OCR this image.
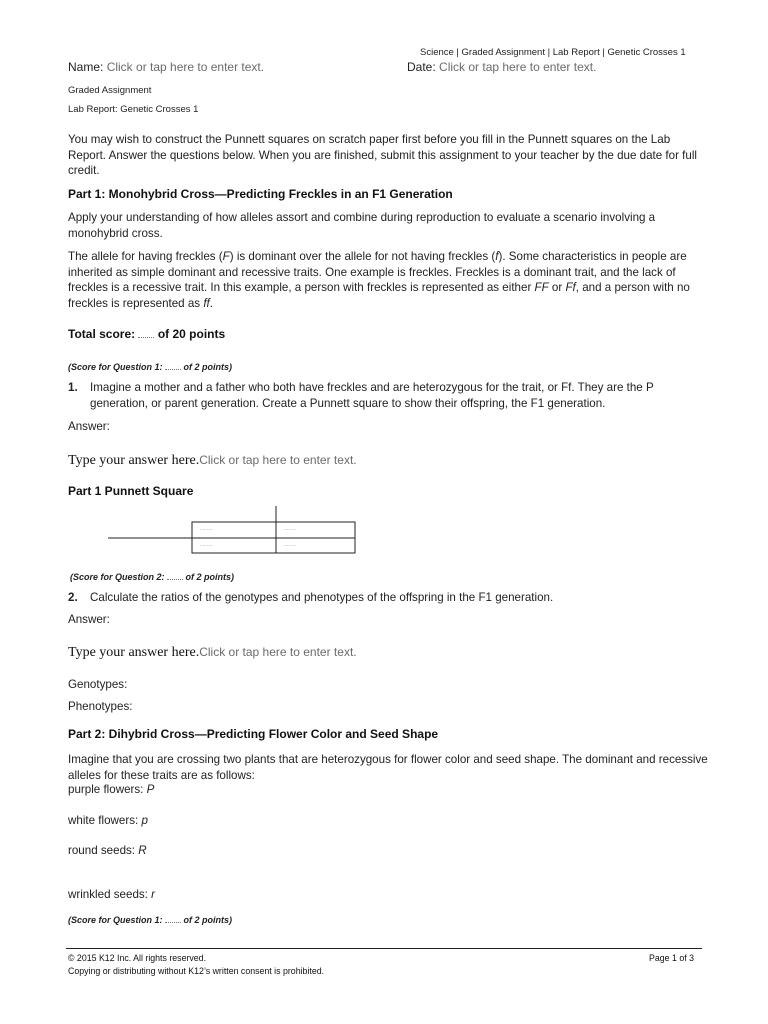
Science | Graded Assignment | Lab Report | Genetic Crosses 1
Name: Click or tap here to enter text.	Date: Click or tap here to enter text.
Graded Assignment
Lab Report: Genetic Crosses 1
You may wish to construct the Punnett squares on scratch paper first before you fill in the Punnett squares on the Lab Report. Answer the questions below. When you are finished, submit this assignment to your teacher by the due date for full credit.
Part 1: Monohybrid Cross—Predicting Freckles in an F1 Generation
Apply your understanding of how alleles assort and combine during reproduction to evaluate a scenario involving a monohybrid cross.
The allele for having freckles (F) is dominant over the allele for not having freckles (f). Some characteristics in people are inherited as simple dominant and recessive traits. One example is freckles. Freckles is a dominant trait, and the lack of freckles is a recessive trait. In this example, a person with freckles is represented as either FF or Ff, and a person with no freckles is represented as ff.
Total score: of 20 points
(Score for Question 1: of 2 points)
1.	Imagine a mother and a father who both have freckles and are heterozygous for the trait, or Ff. They are the P generation, or parent generation. Create a Punnett square to show their offspring, the F1 generation.
Answer:
Type your answer here.Click or tap here to enter text.
Part 1 Punnett Square
.........	.........
.........	.........
(Score for Question 2: of 2 points)
2.	Calculate the ratios of the genotypes and phenotypes of the offspring in the F1 generation.
Answer:
Type your answer here.Click or tap here to enter text.
Genotypes:
Phenotypes:
Part 2: Dihybrid Cross—Predicting Flower Color and Seed Shape
Imagine that you are crossing two plants that are heterozygous for flower color and seed shape. The dominant and recessive alleles for these traits are as follows:
purple flowers: P
white flowers: p
round seeds: R
wrinkled seeds: r
(Score for Question 1: of 2 points)
© 2015 K12 Inc. All rights reserved.
Copying or distributing without K12’s written consent is prohibited.
Page 1 of 3
